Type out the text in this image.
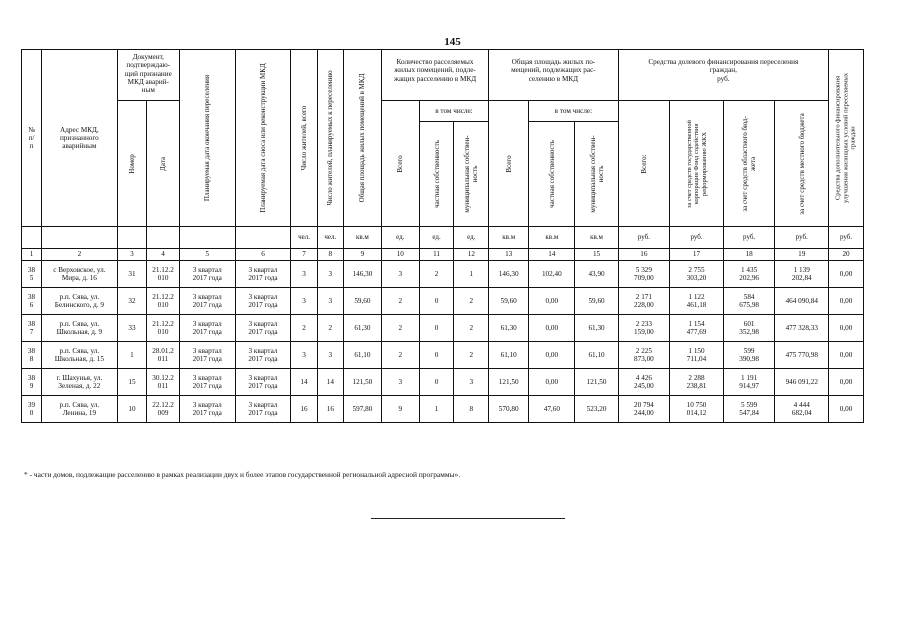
145
№
п/
п	Адрес МКД,
признанного
аварийным	Документ,
подтверждаю-
щий признание
МКД аварий-
ным		Планируемая дата окончания переселения	Планируемая дата сноса или реконструкции МКД	Число жителей, всего	Число жителей, планируемых к переселению	Общая площадь жилых помещений в МКД	Количество расселяемых
жилых помещений, подле-
жащих расселению в МКД			Общая площадь жилых по-
мещений, подлежащих рас-
селению в МКД			Средства долевого финансирования переселения
граждан,
руб.				Средства дополнительного финансирования
улучшения жилищных условий переселяемых
граждан

		Номер	Дата						Всего	в том числе:		Всего	в том числе:		Всего:	за счет средств государственной
корпорации Фонд содействия
реформированию ЖКХ	за счет средств областного бюд-
жета	за счет средств местного бюджета	

										частная собственность	муниципальная собствен-
ность		частная собственность	муниципальная собствен-
ность					

						чел.	чел.	кв.м	ед.	ед.	ед.	кв.м	кв.м	кв.м	руб.	руб.	руб.	руб.	руб.
1	2	3	4	5	6	7	8	9	10	11	12	13	14	15	16	17	18	19	20
38
5	с Верховское, ул.
Мира, д. 16	31	21.12.2
010	3 квартал
2017 года	3 квартал
2017 года	3	3	146,30	3	2	1	146,30	102,40	43,90	5 329
709,00	2 755
303,20	1 435
202,96	1 139
202,84	0,00
38
6	р.п. Сява, ул.
Белинского, д. 9	32	21.12.2
010	3 квартал
2017 года	3 квартал
2017 года	3	3	59,60	2	0	2	59,60	0,00	59,60	2 171
228,00	1 122
461,18	584
675,98	464 090,84	0,00
38
7	р.п. Сява, ул.
Школьная, д. 9	33	21.12.2
010	3 квартал
2017 года	3 квартал
2017 года	2	2	61,30	2	0	2	61,30	0,00	61,30	2 233
159,00	1 154
477,69	601
352,98	477 328,33	0,00
38
8	р.п. Сява, ул.
Школьная, д. 15	1	28.01.2
011	3 квартал
2017 года	3 квартал
2017 года	3	3	61,10	2	0	2	61,10	0,00	61,10	2 225
873,00	1 150
711,04	599
390,98	475 770,98	0,00
38
9	г. Шахунья, ул.
Зеленая, д. 22	15	30.12.2
011	3 квартал
2017 года	3 квартал
2017 года	14	14	121,50	3	0	3	121,50	0,00	121,50	4 426
245,00	2 288
238,81	1 191
914,97	946 091,22	0,00
39
0	р.п. Сява, ул.
Ленина, 19	10	22.12.2
009	3 квартал
2017 года	3 квартал
2017 года	16	16	597,80	9	1	8	570,80	47,60	523,20	20 794
244,00	10 750
014,12	5 599
547,84	4 444
682,04	0,00
* - части домов, подлежащие расселению в рамках реализации двух и более этапов государственной региональной адресной программы».
